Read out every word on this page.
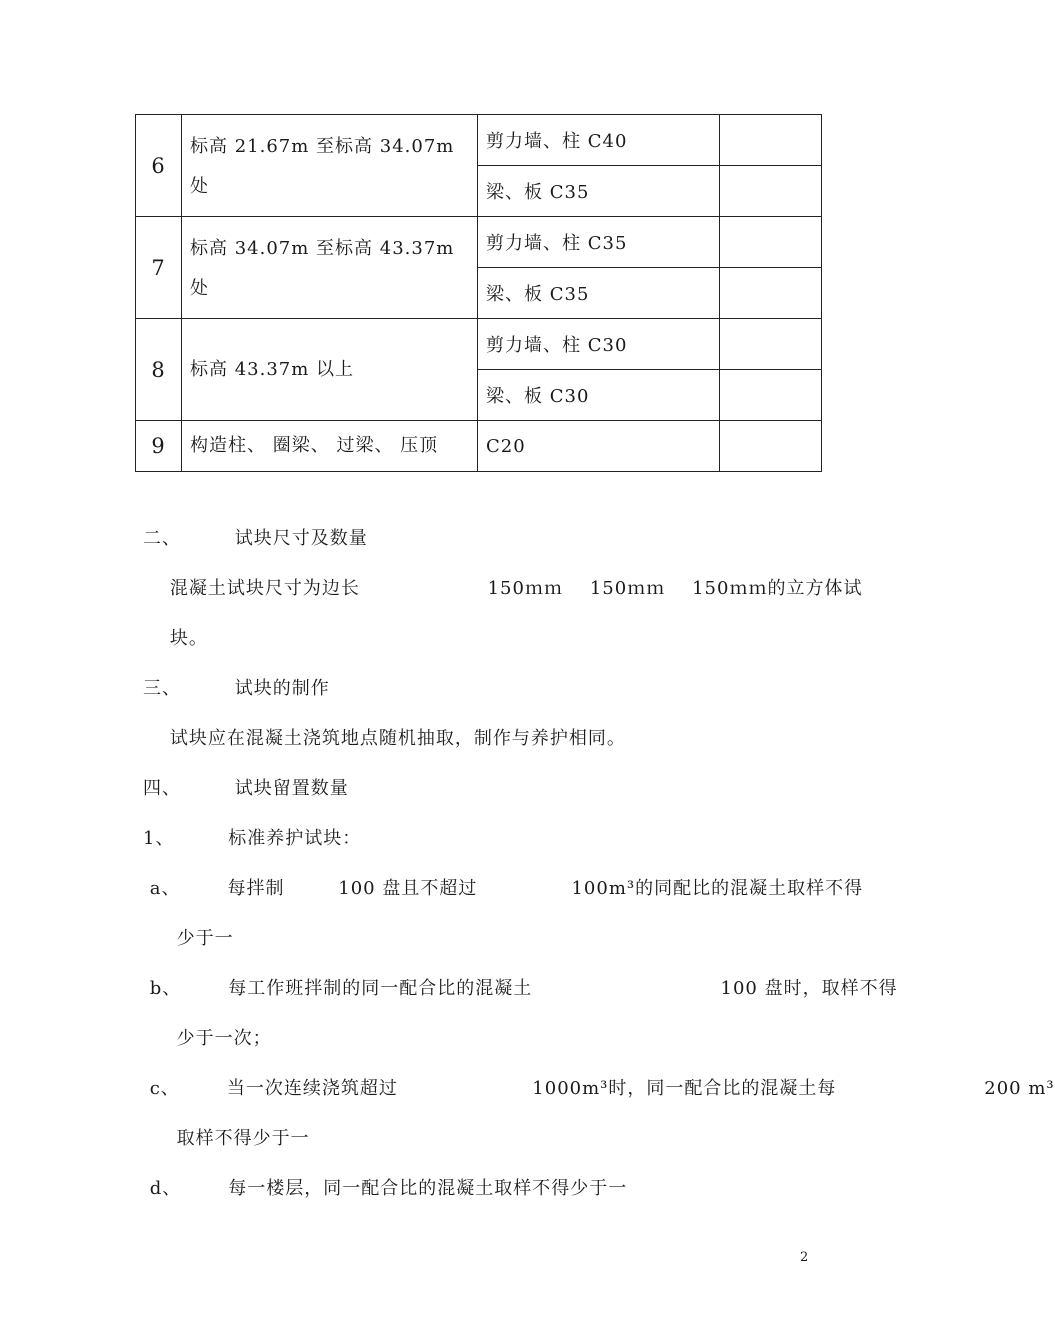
6	标高 21.67m 至标高 34.07m 处	剪力墙、柱 C40	
		梁、板 C35	
7	标高 34.07m 至标高 43.37m 处	剪力墙、柱 C35	
		梁、板 C35	
8	标高 43.37m 以上	剪力墙、柱 C30	
		梁、板 C30	
9	构造柱、 圈梁、 过梁、 压顶	C20	
二、        试块尺寸及数量
混凝土试块尺寸为边长                   150ｍｍ    150ｍｍ    150ｍｍ的立方体试
块。
三、        试块的制作
试块应在混凝土浇筑地点随机抽取，制作与养护相同。
四、        试块留置数量
1、        标准养护试块：
a、       每拌制        100 盘且不超过              100m³的同配比的混凝土取样不得
少于一
b、       每工作班拌制的同一配合比的混凝土                            100 盘时，取样不得
少于一次；
c、       当一次连续浇筑超过                    1000m³时，同一配合比的混凝土每                      200 m³
取样不得少于一
d、       每一楼层，同一配合比的混凝土取样不得少于一
2
